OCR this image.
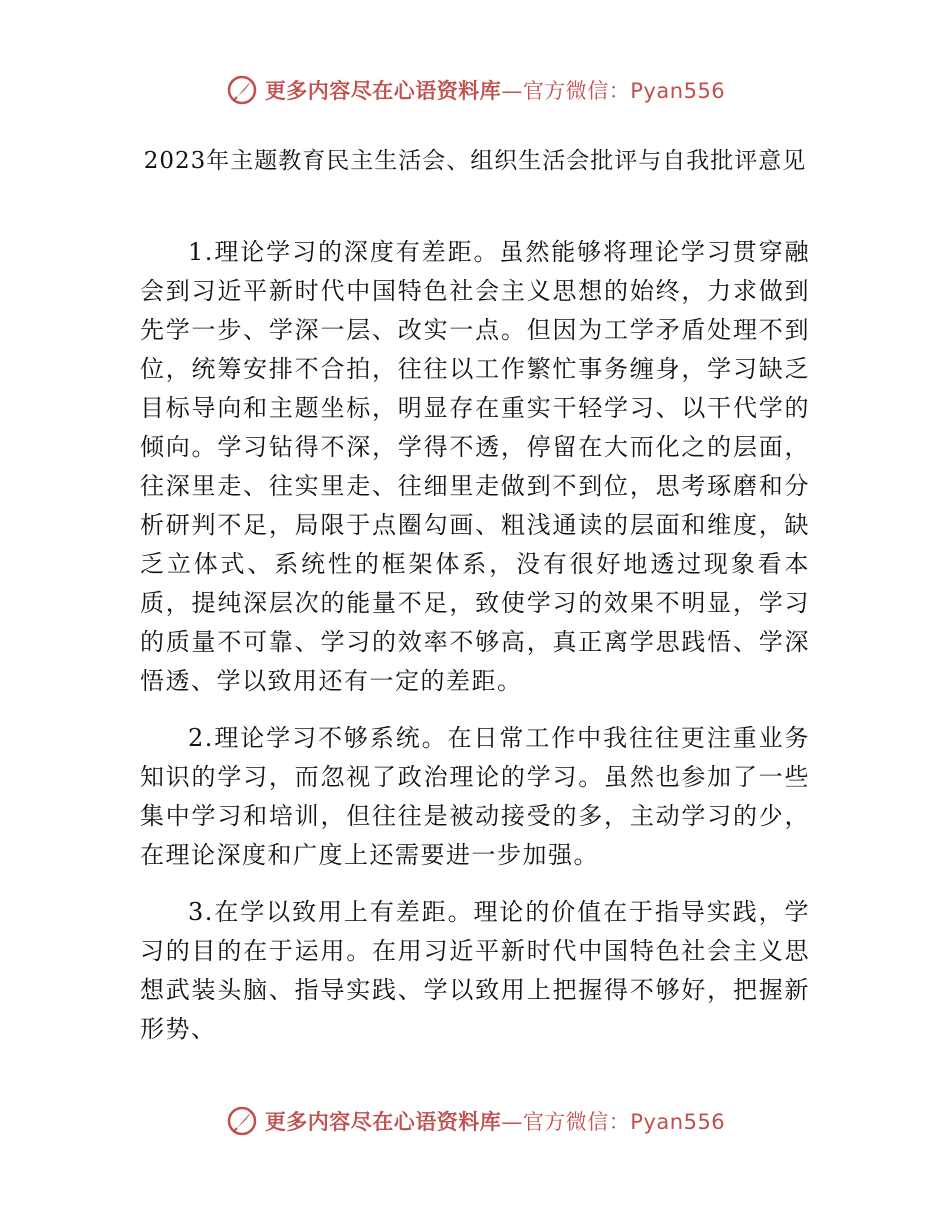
更多内容尽在心语资料库—官方微信：Pyan556
2023年主题教育民主生活会、组织生活会批评与自我批评意见

1.理论学习的深度有差距。虽然能够将理论学习贯穿融会到习近平新时代中国特色社会主义思想的始终，力求做到先学一步、学深一层、改实一点。但因为工学矛盾处理不到位，统筹安排不合拍，往往以工作繁忙事务缠身，学习缺乏目标导向和主题坐标，明显存在重实干轻学习、以干代学的倾向。学习钻得不深，学得不透，停留在大而化之的层面，往深里走、往实里走、往细里走做到不到位，思考琢磨和分析研判不足，局限于点圈勾画、粗浅通读的层面和维度，缺乏立体式、系统性的框架体系，没有很好地透过现象看本质，提纯深层次的能量不足，致使学习的效果不明显，学习的质量不可靠、学习的效率不够高，真正离学思践悟、学深悟透、学以致用还有一定的差距。

2.理论学习不够系统。在日常工作中我往往更注重业务知识的学习，而忽视了政治理论的学习。虽然也参加了一些集中学习和培训，但往往是被动接受的多，主动学习的少，在理论深度和广度上还需要进一步加强。

3.在学以致用上有差距。理论的价值在于指导实践，学习的目的在于运用。在用习近平新时代中国特色社会主义思想武装头脑、指导实践、学以致用上把握得不够好，把握新形势、

更多内容尽在心语资料库—官方微信：Pyan556
